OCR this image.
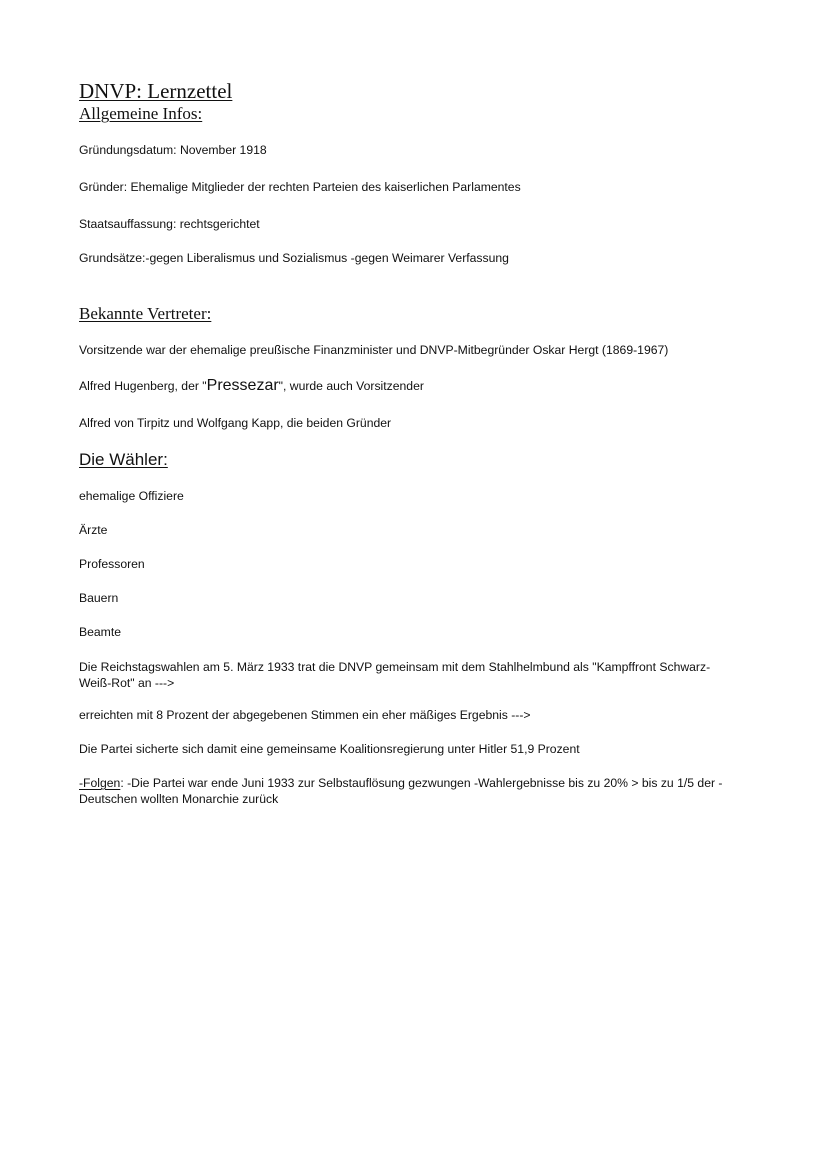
DNVP: Lernzettel
Allgemeine Infos:
Gründungsdatum: November 1918
Gründer: Ehemalige Mitglieder der rechten Parteien des kaiserlichen Parlamentes
Staatsauffassung: rechtsgerichtet
Grundsätze:-gegen Liberalismus und Sozialismus -gegen Weimarer Verfassung
Bekannte Vertreter:
Vorsitzende war der ehemalige preußische Finanzminister und DNVP-Mitbegründer Oskar Hergt (1869-1967)
Alfred Hugenberg, der "Pressezar", wurde auch Vorsitzender
Alfred von Tirpitz und Wolfgang Kapp, die beiden Gründer
Die Wähler:
ehemalige Offiziere
Ärzte
Professoren
Bauern
Beamte
Die Reichstagswahlen am 5. März 1933 trat die DNVP gemeinsam mit dem Stahlhelmbund als "Kampffront Schwarz-Weiß-Rot" an --->
erreichten mit 8 Prozent der abgegebenen Stimmen ein eher mäßiges Ergebnis --->
Die Partei sicherte sich damit eine gemeinsame Koalitionsregierung unter Hitler 51,9 Prozent
-Folgen: -Die Partei war ende Juni 1933 zur Selbstauflösung gezwungen -Wahlergebnisse bis zu 20% > bis zu 1/5 der -Deutschen wollten Monarchie zurück
